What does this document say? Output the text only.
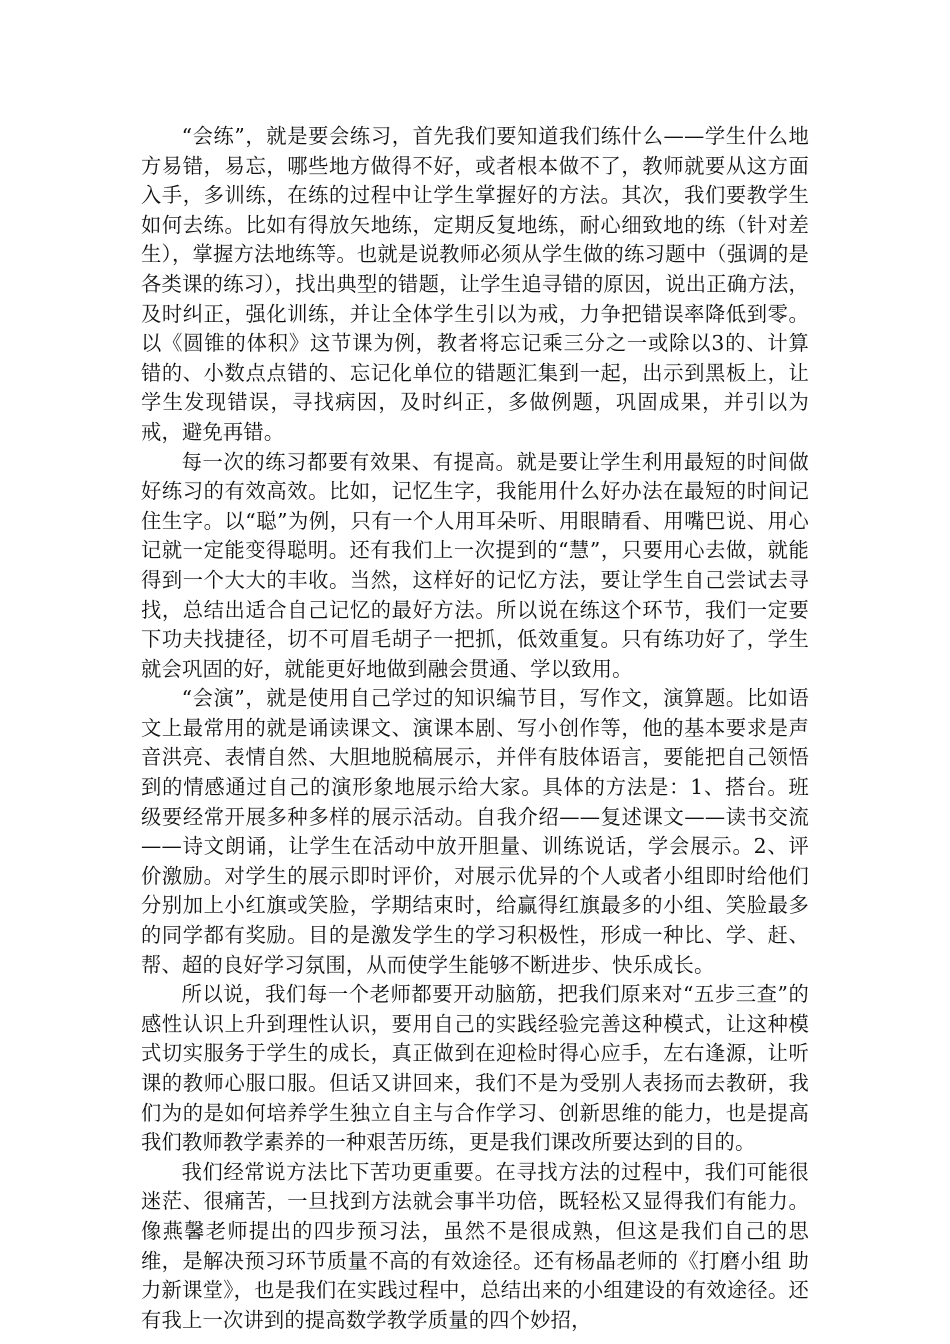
“会练”，就是要会练习，首先我们要知道我们练什么——学生什么地方易错，易忘，哪些地方做得不好，或者根本做不了，教师就要从这方面入手，多训练，在练的过程中让学生掌握好的方法。其次，我们要教学生如何去练。比如有得放矢地练，定期反复地练，耐心细致地的练（针对差生），掌握方法地练等。也就是说教师必须从学生做的练习题中（强调的是各类课的练习），找出典型的错题，让学生追寻错的原因，说出正确方法，及时纠正，强化训练，并让全体学生引以为戒，力争把错误率降低到零。以《圆锥的体积》这节课为例，教者将忘记乘三分之一或除以3的、计算错的、小数点点错的、忘记化单位的错题汇集到一起，出示到黑板上，让学生发现错误，寻找病因，及时纠正，多做例题，巩固成果，并引以为戒，避免再错。

每一次的练习都要有效果、有提高。就是要让学生利用最短的时间做好练习的有效高效。比如，记忆生字，我能用什么好办法在最短的时间记住生字。以“聪”为例，只有一个人用耳朵听、用眼睛看、用嘴巴说、用心记就一定能变得聪明。还有我们上一次提到的“慧”，只要用心去做，就能得到一个大大的丰收。当然，这样好的记忆方法，要让学生自己尝试去寻找，总结出适合自己记忆的最好方法。所以说在练这个环节，我们一定要下功夫找捷径，切不可眉毛胡子一把抓，低效重复。只有练功好了，学生就会巩固的好，就能更好地做到融会贯通、学以致用。

“会演”，就是使用自己学过的知识编节目，写作文，演算题。比如语文上最常用的就是诵读课文、演课本剧、写小创作等，他的基本要求是声音洪亮、表情自然、大胆地脱稿展示，并伴有肢体语言，要能把自己领悟到的情感通过自己的演形象地展示给大家。具体的方法是：1、搭台。班级要经常开展多种多样的展示活动。自我介绍——复述课文——读书交流——诗文朗诵，让学生在活动中放开胆量、训练说话，学会展示。2、评价激励。对学生的展示即时评价，对展示优异的个人或者小组即时给他们分别加上小红旗或笑脸，学期结束时，给赢得红旗最多的小组、笑脸最多的同学都有奖励。目的是激发学生的学习积极性，形成一种比、学、赶、帮、超的良好学习氛围，从而使学生能够不断进步、快乐成长。

所以说，我们每一个老师都要开动脑筋，把我们原来对“五步三查”的感性认识上升到理性认识，要用自己的实践经验完善这种模式，让这种模式切实服务于学生的成长，真正做到在迎检时得心应手，左右逢源，让听课的教师心服口服。但话又讲回来，我们不是为受别人表扬而去教研，我们为的是如何培养学生独立自主与合作学习、创新思维的能力，也是提高我们教师教学素养的一种艰苦历练，更是我们课改所要达到的目的。

我们经常说方法比下苦功更重要。在寻找方法的过程中，我们可能很迷茫、很痛苦，一旦找到方法就会事半功倍，既轻松又显得我们有能力。像燕馨老师提出的四步预习法，虽然不是很成熟，但这是我们自己的思维，是解决预习环节质量不高的有效途径。还有杨晶老师的《打磨小组 助力新课堂》，也是我们在实践过程中，总结出来的小组建设的有效途径。还有我上一次讲到的提高数学教学质量的四个妙招，
